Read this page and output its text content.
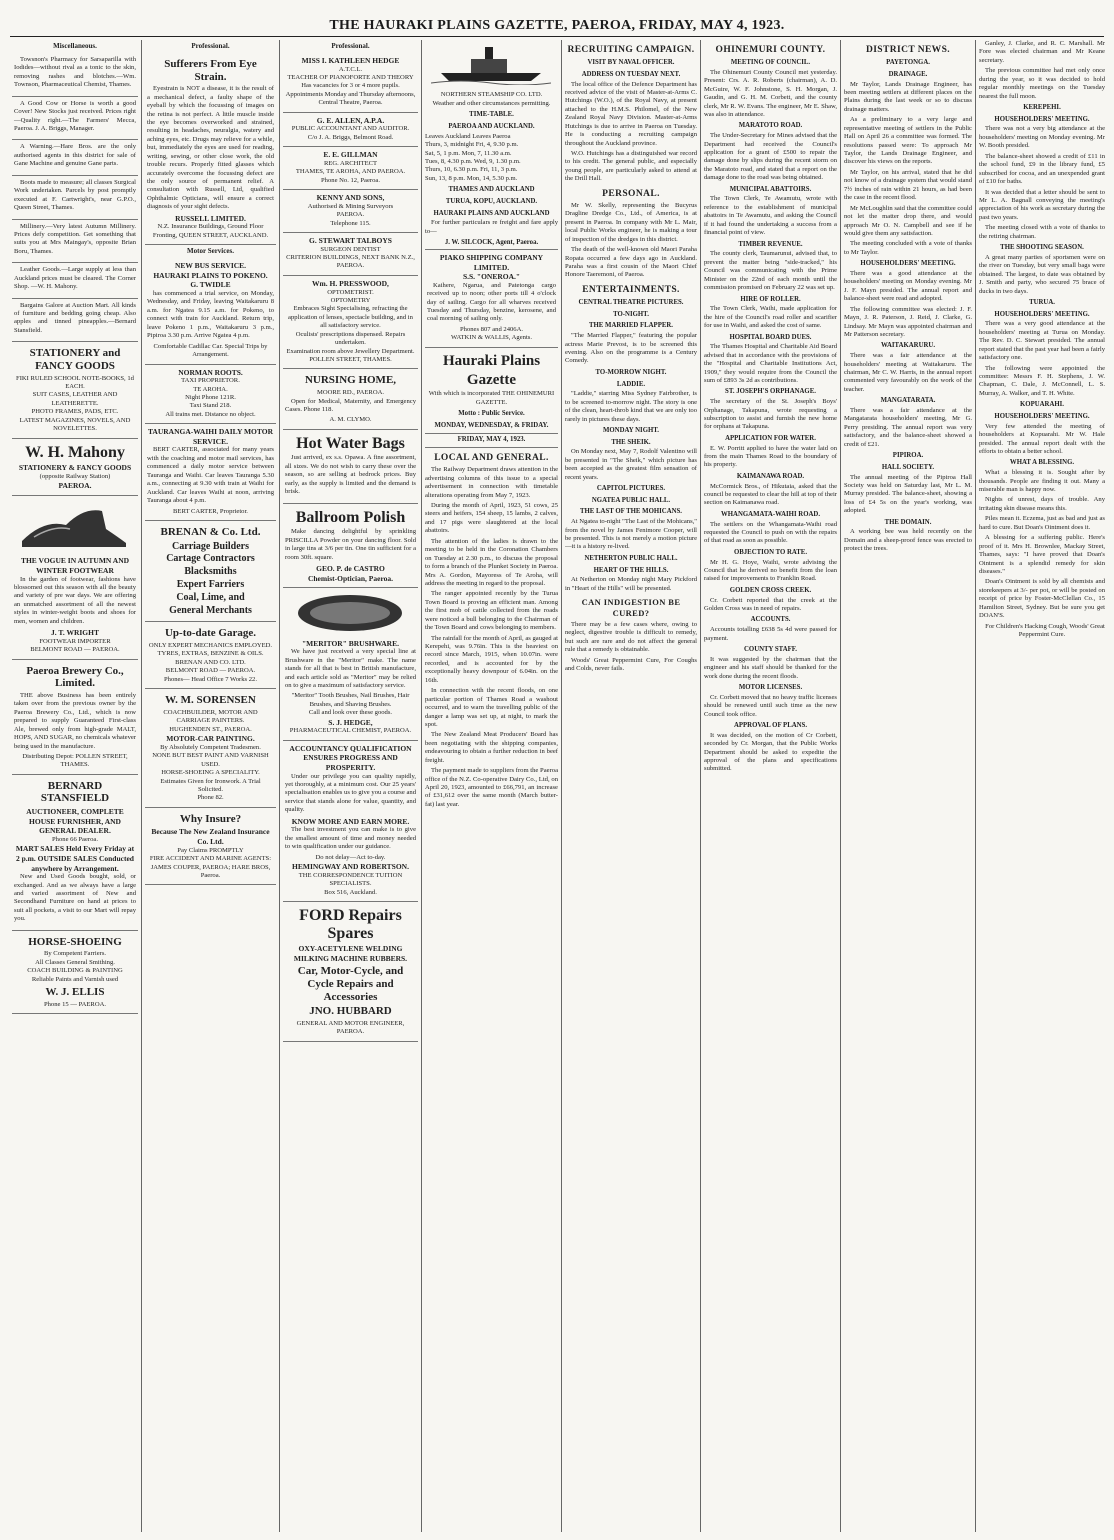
THE HAURAKI PLAINS GAZETTE, PAEROA, FRIDAY, MAY 4, 1923.
Miscellaneous.

Towsnon's Pharmacy for Sarsaparilla with Iodides—without rival as a tonic to the skin, removing rashes and blotches.—Wm. Townson, Pharmaceutical Chemist, Thames.

A Good Cow or Horse is worth a good Cover! New Stocks just received. Prices right—Quality right.—The Farmers' Mecca, Paeroa. J. A. Briggs, Manager.

A Warning.—Hare Bros. are the only authorised agents in this district for sale of Gane Machine and genuine Gane parts.

Boots made to measure; all classes Surgical Work undertaken. Parcels by post promptly executed at F. Cartwright's, near G.P.O., Queen Street, Thames.

Millinery.—Very latest Autumn Millinery. Prices defy competition. Get something that suits you at Mrs Maingay's, opposite Brian Boru, Thames.

Leather Goods.—Large supply at less than Auckland prices must be cleared. The Corner Shop. —W. H. Mahony.

Bargains Galore at Auction Mart. All kinds of furniture and bedding going cheap. Also apples and tinned pineapples.—Bernard Stansfield.

STATIONERY and FANCY GOODS
FIKI RULED SCHOOL NOTE-BOOKS, 1d EACH.
SUIT CASES, LEATHER AND LEATHERETTE.
PHOTO FRAMES, PADS, ETC.
LATEST MAGAZINES, NOVELS, AND NOVELETTES.
W. H. Mahony
STATIONERY & FANCY GOODS
(opposite Railway Station)
PAEROA.
THE VOGUE IN AUTUMN AND WINTER FOOTWEAR

In the garden of footwear, fashions have blossomed out this season with all the beauty and variety of pre war days. We are offering an unmatched assortment of all the newest styles in winter-weight boots and shoes for men, women and children.

J. T. WRIGHT
FOOTWEAR IMPORTER
BELMONT ROAD — PAEROA.
Paeroa Brewery Co., Limited.

THE above Business has been entirely taken over from the previous owner by the Paeroa Brewery Co., Ltd., which is now prepared to supply Guaranteed First-class Ale, brewed only from high-grade MALT, HOPS, AND SUGAR, no chemicals whatever being used in the manufacture.

Distributing Depot: POLLEN STREET, THAMES.
BERNARD STANSFIELD
AUCTIONEER, COMPLETE HOUSE FURNISHER, AND GENERAL DEALER.
Phone 66 Paeroa.
MART SALES Held Every Friday at 2 p.m. OUTSIDE SALES Conducted anywhere by Arrangement.

New and Used Goods bought, sold, or exchanged. And as we always have a large and varied assortment of New and Secondhand Furniture on hand at prices to suit all pockets, a visit to our Mart will repay you.

HORSE-SHOEING
By Competent Farriers.
All Classes General Smithing.
COACH BUILDING & PAINTING
Reliable Paints and Varnish used
W. J. ELLIS
Phone 15 — PAEROA.
Professional.
Sufferers From Eye Strain.

Eyestrain is NOT a disease, it is the result of a mechanical defect, a faulty shape of the eyeball by which the focussing of images on the retina is not perfect. A little muscle inside the eye becomes overworked and strained, resulting in headaches, neuralgia, watery and aching eyes, etc. Drugs may relieve for a while, but, immediately the eyes are used for reading, writing, sewing, or other close work, the old trouble recurs. Properly fitted glasses which accurately overcome the focussing defect are the only source of permanent relief. A consultation with Russell, Ltd, qualified Ophthalmic Opticians, will ensure a correct diagnosis of your sight defects.

RUSSELL LIMITED.
N.Z. Insurance Buildings, Ground Floor Fronting, QUEEN STREET, AUCKLAND.
Motor Services.
NEW BUS SERVICE.
HAURAKI PLAINS TO POKENO.
G. TWIDLE

has commenced a trial service, on Monday, Wednesday, and Friday, leaving Waitakaruru 8 a.m. for Ngatea 9.15 a.m. for Pokeno, to connect with train for Auckland. Return trip, leave Pokeno 1 p.m., Waitakaruru 3 p.m., Pipiroa 3.30 p.m. Arrive Ngatea 4 p.m.

Comfortable Cadillac Car. Special Trips by Arrangement.
NORMAN ROOTS.
TAXI PROPRIETOR.
TE AROHA.
Night Phone 121R.
Taxi Stand 218.
All trains met. Distance no object.
TAURANGA-WAIHI DAILY MOTOR SERVICE.

BERT CARTER, associated for many years with the coaching and motor mail services, has commenced a daily motor service between Tauranga and Waihi. Car leaves Tauranga 5.30 a.m., connecting at 9.30 with train at Waihi for Auckland. Car leaves Waihi at noon, arriving Tauranga about 4 p.m.

BERT CARTER, Proprietor.
BRENAN & Co. Ltd.
Carriage Builders
Cartage Contractors
Blacksmiths
Expert Farriers
Coal, Lime, and
General Merchants
Up-to-date Garage.
ONLY EXPERT MECHANICS EMPLOYED.
TYRES, EXTRAS, BENZINE & OILS.
BRENAN AND CO. LTD.
BELMONT ROAD — PAEROA.
Phones— Head Office 7 Works 22.
W. M. SORENSEN
COACHBUILDER, MOTOR AND CARRIAGE PAINTERS.
HUGHENDEN ST., PAEROA.
MOTOR-CAR PAINTING.
By Absolutely Competent Tradesmen.
NONE BUT BEST PAINT AND VARNISH USED.
HORSE-SHOEING A SPECIALITY.
Estimates Given for Ironwork. A Trial Solicited.
Phone 82.
Why Insure?
Because The New Zealand Insurance Co. Ltd.
Pay Claims PROMPTLY
FIRE ACCIDENT AND MARINE AGENTS:
JAMES COUPER, PAEROA; HARE BROS, Paeroa.
Professional.
MISS I. KATHLEEN HEDGE
A.T.C.L.
TEACHER OF PIANOFORTE AND THEORY
Has vacancies for 3 or 4 more pupils. Appointments Monday and Thursday afternoons, Central Theatre, Paeroa.
G. E. ALLEN, A.P.A.
PUBLIC ACCOUNTANT AND AUDITOR.
C/o J. A. Briggs, Belmont Road.
E. E. GILLMAN
REG. ARCHITECT
THAMES, TE AROHA, AND PAEROA.
Phone No. 12, Paeroa.
KENNY AND SONS,
Authorised & Mining Surveyors
PAEROA.
Telephone 115.
G. STEWART TALBOYS
SURGEON DENTIST
CRITERION BUILDINGS, NEXT BANK N.Z., PAEROA.
Wm. H. PRESSWOOD,
OPTOMETRIST.
OPTOMETRY
Embraces Sight Specialising, refracting the application of lenses, spectacle building, and in all satisfactory service.
Oculists' prescriptions dispensed. Repairs undertaken.
Examination room above Jewellery Department.
POLLEN STREET, THAMES.
NURSING HOME,
MOORE RD., PAEROA.

Open for Medical, Maternity, and Emergency Cases. Phone 118.

A. M. CLYMO.
Hot Water Bags

Just arrived, ex s.s. Opawa. A fine assortment, all sizes. We do not wish to carry these over the season, so are selling at bedrock prices. Buy early, as the supply is limited and the demand is brisk.

Ballroom Polish

Make dancing delightful by sprinkling PRISCILLA Powder on your dancing floor. Sold in large tins at 3/6 per tin. One tin sufficient for a room 30ft. square.

GEO. P. de CASTRO
Chemist-Optician, Paeroa.
"MERITOR" BRUSHWARE.

We have just received a very special line at Brushware in the "Meritor" make. The name stands for all that is best in British manufacture, and each article sold as "Meritor" may be relied on to give a maximum of satisfactory service.

"Meritor" Tooth Brushes, Nail Brushes, Hair Brushes, and Shaving Brushes.
Call and look over these goods.
S. J. HEDGE,
PHARMACEUTICAL CHEMIST, PAEROA.
ACCOUNTANCY QUALIFICATION ENSURES PROGRESS AND PROSPERITY.

Under our privilege you can quality rapidly, yet thoroughly, at a minimum cost. Our 25 years' specialisation enables us to give you a course and service that stands alone for value, quantity, and quality.

KNOW MORE AND EARN MORE.

The best investment you can make is to give the smallest amount of time and money needed to win qualification under our guidance.

Do not delay—Act to-day.
HEMINGWAY AND ROBERTSON.
THE CORRESPONDENCE TUITION SPECIALISTS.
Box 516, Auckland.
FORD Repairs Spares
OXY-ACETYLENE WELDING
MILKING MACHINE RUBBERS.
Car, Motor-Cycle, and Cycle Repairs and Accessories
JNO. HUBBARD
GENERAL AND MOTOR ENGINEER, PAEROA.
NORTHERN STEAMSHIP CO. LTD.
Weather and other circumstances permitting.
TIME-TABLE.
PAEROA AND AUCKLAND.
Leaves Auckland Leaves Paeroa
Thurs, 3, midnight Fri, 4, 9.30 p.m.
Sat, 5, 1 p.m. Mon, 7, 11.30 a.m.
Tues, 8, 4.30 p.m. Wed, 9, 1.30 p.m.
Thurs, 10, 6.30 p.m. Fri, 11, 3 p.m.
Sun, 13, 8 p.m. Mon, 14, 5.30 p.m.
THAMES AND AUCKLAND
TURUA, KOPU, AUCKLAND.
HAURAKI PLAINS AND AUCKLAND

For further particulars re freight and fare apply to—

J. W. SILCOCK, Agent, Paeroa.
PIAKO SHIPPING COMPANY LIMITED.
S.S. "ONEROA."

Kaihere, Ngarua, and Patetonga cargo received up to noon; other ports till 4 o'clock day of sailing. Cargo for all wharves received Tuesday and Thursday, benzine, kerosene, and coal morning of sailing only.

Phones 807 and 2406A.
WATKIN & WALLIS, Agents.
Hauraki Plains Gazette
With which is incorporated THE OHINEMURI GAZETTE.
Motto : Public Service.
MONDAY, WEDNESDAY, & FRIDAY.
FRIDAY, MAY 4, 1923.
LOCAL AND GENERAL.

The Railway Department draws attention in the advertising columns of this issue to a special advertisement in connection with timetable alterations operating from May 7, 1923.

During the month of April, 1923, 51 cows, 25 steers and heifers, 154 sheep, 15 lambs, 2 calves, and 17 pigs were slaughtered at the local abattoirs.

The attention of the ladies is drawn to the meeting to be held in the Coronation Chambers on Tuesday at 2.30 p.m., to discuss the proposal to form a branch of the Plunket Society in Paeroa. Mrs A. Gordon, Mayoress of Te Aroha, will address the meeting in regard to the proposal.

The ranger appointed recently by the Turua Town Board is proving an efficient man. Among the first mob of cattle collected from the roads were noticed a bull belonging to the Chairman of the Town Board and cows belonging to members.

The rainfall for the month of April, as gauged at Kerepehi, was 9.76in. This is the heaviest on record since March, 1915, when 10.07in. were recorded, and is accounted for by the exceptionally heavy downpour of 6.04in. on the 16th.

In connection with the recent floods, on one particular portion of Thames Road a washout occurred, and to warn the travelling public of the danger a lamp was set up, at night, to mark the spot.

The New Zealand Meat Producers' Board has been negotiating with the shipping companies, endeavouring to obtain a further reduction in beef freight.

The payment made to suppliers from the Paeroa office of the N.Z. Co-operative Dairy Co., Ltd, on April 20, 1923, amounted to £66,791, an increase of £31,612 over the same month (March butter-fat) last year.

RECRUITING CAMPAIGN.
VISIT BY NAVAL OFFICER.
ADDRESS ON TUESDAY NEXT.

The local office of the Defence Department has received advice of the visit of Master-at-Arms C. Hutchings (W.O.), of the Royal Navy, at present attached to the H.M.S. Philomel, of the New Zealand Royal Navy Division. Master-at-Arms Hutchings is due to arrive in Paeroa on Tuesday. He is conducting a recruiting campaign throughout the Auckland province.

W.O. Hutchings has a distinguished war record to his credit. The general public, and especially young people, are particularly asked to attend at the Drill Hall.

PERSONAL.

Mr W. Skelly, representing the Bucyrus Dragline Dredge Co., Ltd., of America, is at present in Paeroa. In company with Mr L. Mair, local Public Works engineer, he is making a tour of inspection of the dredges in this district.

The death of the well-known old Maori Paraha Ropata occurred a few days ago in Auckland. Paraha was a first cousin of the Maori Chief Honore Taeremoni, of Paeroa.

ENTERTAINMENTS.
CENTRAL THEATRE PICTURES.
TO-NIGHT.
THE MARRIED FLAPPER.

"The Married Flapper," featuring the popular actress Marie Prevost, is to be screened this evening. Also on the programme is a Century Comedy.

TO-MORROW NIGHT.
LADDIE.

"Laddie," starring Miss Sydney Fairbrother, is to be screened to-morrow night. The story is one of the clean, heart-throb kind that we are only too rarely in pictures these days.

MONDAY NIGHT.
THE SHEIK.

On Monday next, May 7, Rodolf Valentino will be presented in "The Sheik," which picture has been accepted as the greatest film sensation of recent years.

CAPITOL PICTURES.
NGATEA PUBLIC HALL.
THE LAST OF THE MOHICANS.

At Ngatea to-night "The Last of the Mohicans," from the novel by James Fenimore Cooper, will be presented. This is not merely a motion picture—it is a history re-lived.

NETHERTON PUBLIC HALL.
HEART OF THE HILLS.

At Netherton on Monday night Mary Pickford in "Heart of the Hills" will be presented.

CAN INDIGESTION BE CURED?

There may be a few cases where, owing to neglect, digestive trouble is difficult to remedy, but such are rare and do not affect the general rule that a remedy is obtainable.

Woods' Great Peppermint Cure, For Coughs and Colds, never fails.

OHINEMURI COUNTY.
MEETING OF COUNCIL.

The Ohinemuri County Council met yesterday. Present: Crs. A. R. Roberts (chairman), A. D. McGuire, W. F. Johnstone, S. H. Morgan, J. Gaudin, and G. H. M. Corbett, and the county clerk, Mr R. W. Evans. The engineer, Mr E. Shaw, was also in attendance.

MARATOTO ROAD.

The Under-Secretary for Mines advised that the Department had received the Council's application for a grant of £500 to repair the damage done by slips during the recent storm on the Maratoto road, and stated that a report on the damage done to the road was being obtained.

MUNICIPAL ABATTOIRS.

The Town Clerk, Te Awamutu, wrote with reference to the establishment of municipal abattoirs in Te Awamutu, and asking the Council if it had found the undertaking a success from a financial point of view.

TIMBER REVENUE.

The county clerk, Taumarunui, advised that, to prevent the matter being "side-tracked," his Council was communicating with the Prime Minister on the 22nd of each month until the commission promised on February 22 was set up.

HIRE OF ROLLER.

The Town Clerk, Waihi, made application for the hire of the Council's road roller and scarifier for use in Waihi, and asked the cost of same.

HOSPITAL BOARD DUES.

The Thames Hospital and Charitable Aid Board advised that in accordance with the provisions of the "Hospital and Charitable Institutions Act, 1909," they would require from the Council the sum of £893 3s 2d as contributions.

ST. JOSEPH'S ORPHANAGE.

The secretary of the St. Joseph's Boys' Orphanage, Takapuna, wrote requesting a subscription to assist and furnish the new home for orphans at Takapuna.

APPLICATION FOR WATER.

E. W. Porritt applied to have the water laid on from the main Thames Road to the boundary of his property.

KAIMANAWA ROAD.

McCormick Bros., of Hikutaia, asked that the council be requested to clear the hill at top of their section on Kaimanawa road.

WHANGAMATA-WAIHI ROAD.

The settlers on the Whangamata-Waihi road requested the Council to push on with the repairs of that road as soon as possible.

OBJECTION TO RATE.

Mr H. G. Hoye, Waihi, wrote advising the Council that he derived no benefit from the loan raised for improvements to Franklin Road.

GOLDEN CROSS CREEK.

Cr. Corbett reported that the creek at the Golden Cross was in need of repairs.

ACCOUNTS.

Accounts totalling £638 5s 4d were passed for payment.

COUNTY STAFF.

It was suggested by the chairman that the engineer and his staff should be thanked for the work done during the recent floods.

MOTOR LICENSES.

Cr. Corbett moved that no heavy traffic licenses should be renewed until such time as the new Council took office.

APPROVAL OF PLANS.

It was decided, on the motion of Cr Corbett, seconded by Cr. Morgan, that the Public Works Department should be asked to expedite the approval of the plans and specifications submitted.

DISTRICT NEWS.
PAYETONGA.
DRAINAGE.

Mr Taylor, Lands Drainage Engineer, has been meeting settlers at different places on the Plains during the last week or so to discuss drainage matters.

As a preliminary to a very large and representative meeting of settlers in the Public Hall on April 26 a committee was formed. The resolutions passed were: To approach Mr Taylor, the Lands Drainage Engineer, and discover his views on the reports.

Mr Taylor, on his arrival, stated that he did not know of a drainage system that would stand 7½ inches of rain within 21 hours, as had been the case in the recent flood.

Mr McLoughlin said that the committee could not let the matter drop there, and would approach Mr O. N. Campbell and see if he would give them any satisfaction.

The meeting concluded with a vote of thanks to Mr Taylor.

HOUSEHOLDERS' MEETING.

There was a good attendance at the householders' meeting on Monday evening. Mr J. F. Mayn presided. The annual report and balance-sheet were read and adopted.

The following committee was elected: J. F. Mayn, J. R. Paterson, J. Reid, J. Clarke, G. Lindsay. Mr Mayn was appointed chairman and Mr Patterson secretary.

WAITAKARURU.

There was a fair attendance at the householders' meeting at Waitakaruru. The chairman, Mr C. W. Harris, in the annual report commented very favourably on the work of the teacher.

MANGATARATA.

There was a fair attendance at the Mangatarata householders' meeting, Mr G. Perry presiding. The annual report was very satisfactory, and the balance-sheet showed a credit of £21.

PIPIROA.
HALL SOCIETY.

The annual meeting of the Pipiroa Hall Society was held on Saturday last, Mr L. M. Murray presided. The balance-sheet, showing a loss of £4 5s on the year's working, was adopted.

THE DOMAIN.

A working bee was held recently on the Domain and a sheep-proof fence was erected to protect the trees.

Ganley, J. Clarke, and R. C. Marshall. Mr Fore was elected chairman and Mr Keane secretary.

The previous committee had met only once during the year, so it was decided to hold regular monthly meetings on the Tuesday nearest the full moon.

KEREPEHI.
HOUSEHOLDERS' MEETING.

There was not a very big attendance at the householders' meeting on Monday evening. Mr W. Booth presided.

The balance-sheet showed a credit of £11 in the school fund, £9 in the library fund, £5 subscribed for cocoa, and an unexpended grant of £10 for baths.

It was decided that a letter should be sent to Mr L. A. Bagnall conveying the meeting's appreciation of his work as secretary during the past two years.

The meeting closed with a vote of thanks to the retiring chairman.

THE SHOOTING SEASON.

A great many parties of sportsmen were on the river on Tuesday, but very small bags were obtained. The largest, to date was obtained by J. Smith and party, who secured 75 brace of ducks in two days.

TURUA.
HOUSEHOLDERS' MEETING.

There was a very good attendance at the householders' meeting at Turua on Monday. The Rev. D. C. Stewart presided. The annual report stated that the past year had been a fairly satisfactory one.

The following were appointed the committee: Messrs F. H. Stephens, J. W. Chapman, C. Dale, J. McConnell, L. S. Murray, A. Walker, and T. H. White.

KOPUARAHI.
HOUSEHOLDERS' MEETING.

Very few attended the meeting of householders at Kopuarahi. Mr W. Hale presided. The annual report dealt with the efforts to obtain a better school.

WHAT A BLESSING.

What a blessing it is. Sought after by thousands. People are finding it out. Many a miserable man is happy now.

Nights of unrest, days of trouble. Any irritating skin disease means this.

Piles mean it. Eczema, just as bad and just as hard to cure. But Doan's Ointment does it.

A blessing for a suffering public. Here's proof of it. Mrs H. Brownlee, Mackay Street, Thames, says: "I have proved that Doan's Ointment is a splendid remedy for skin diseases."

Doan's Ointment is sold by all chemists and storekeepers at 3/- per pot, or will be posted on receipt of price by Foster-McClellan Co., 15 Hamilton Street, Sydney. But be sure you get DOAN'S.

For Children's Hacking Cough, Woods' Great Peppermint Cure.
